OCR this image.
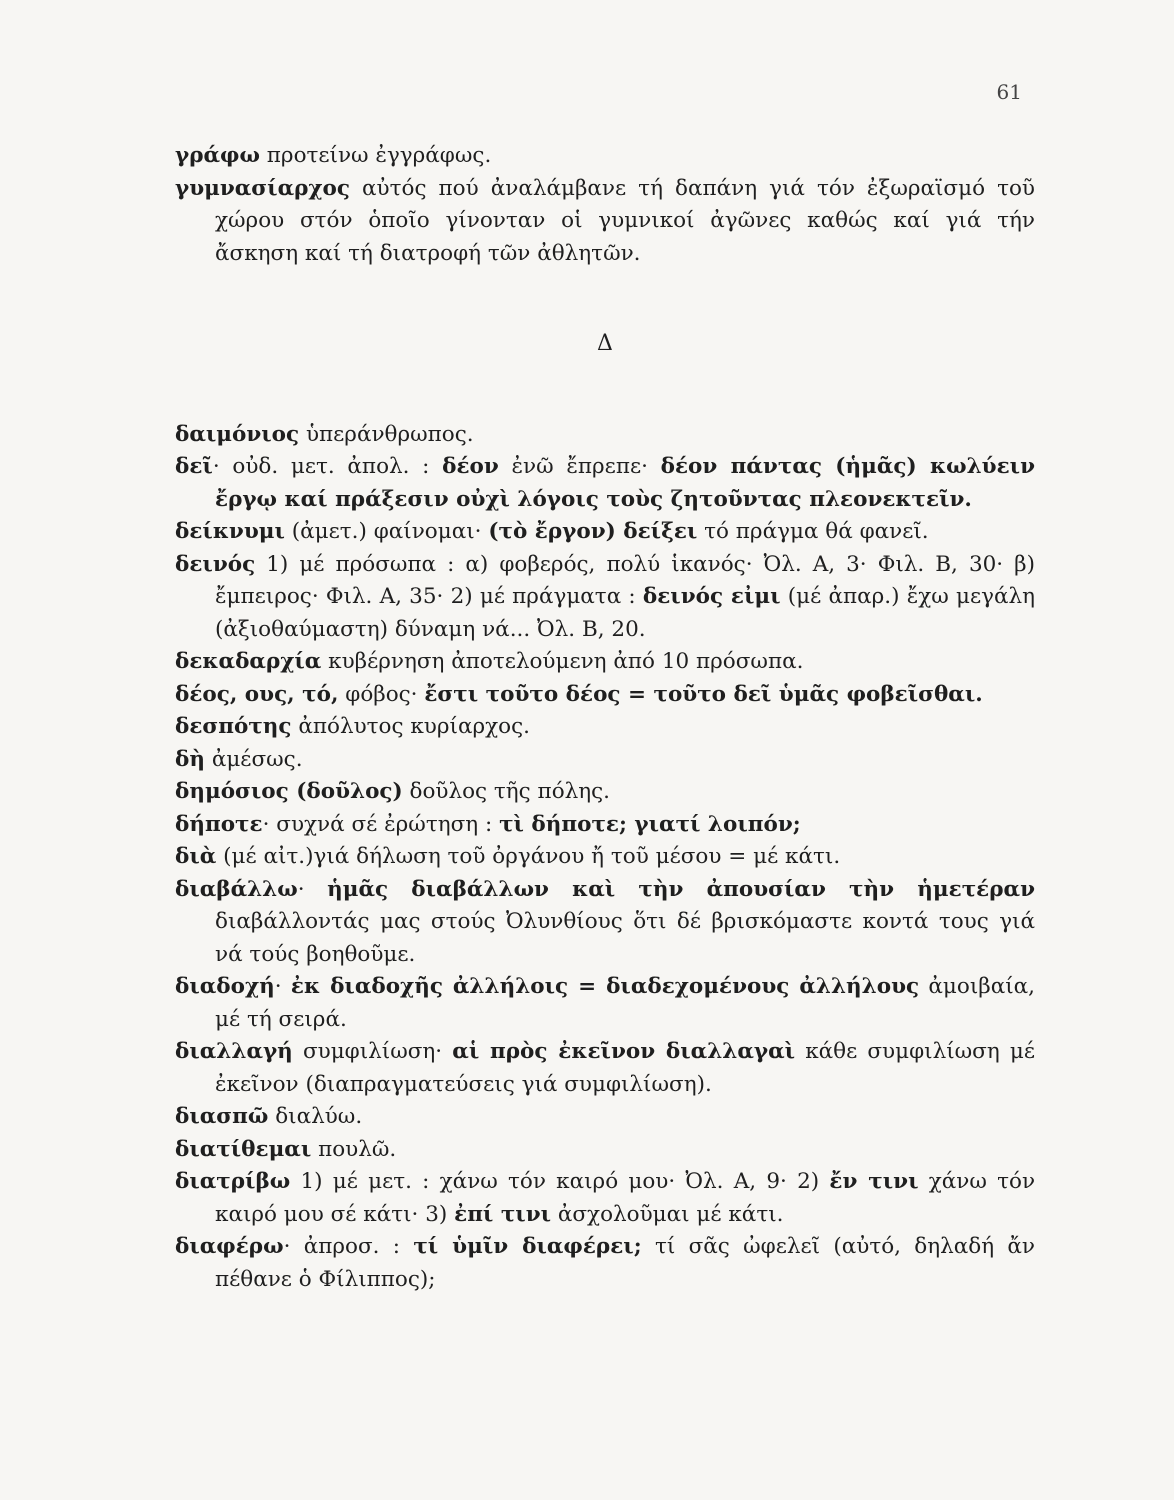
61

γράφω προτείνω ἐγγράφως.

γυμνασίαρχος αὐτός πού ἀναλάμβανε τή δαπάνη γιά τόν ἐξωραϊσμό τοῦ χώρου στόν ὁποῖο γίνονταν οἱ γυμνικοί ἀγῶνες καθώς καί γιά τήν ἄσκηση καί τή διατροφή τῶν ἀθλητῶν.

Δ

δαιμόνιος ὑπεράνθρωπος.

δεῖ· οὐδ. μετ. ἀπολ. : δέον ἐνῶ ἔπρεπε· δέον πάντας (ἡμᾶς) κωλύειν ἔργῳ καί πράξεσιν οὐχὶ λόγοις τοὺς ζητοῦντας πλεονεκτεῖν.

δείκνυμι (ἀμετ.) φαίνομαι· (τὸ ἔργον) δείξει τό πράγμα θά φανεῖ.

δεινός 1) μέ πρόσωπα : α) φοβερός, πολύ ἱκανός· Ὀλ. Α, 3· Φιλ. Β, 30· β) ἔμπειρος· Φιλ. Α, 35· 2) μέ πράγματα : δεινός εἰμι (μέ ἀπαρ.) ἔχω μεγάλη (ἀξιοθαύμαστη) δύναμη νά... Ὀλ. Β, 20.

δεκαδαρχία κυβέρνηση ἀποτελούμενη ἀπό 10 πρόσωπα.

δέος, ους, τό, φόβος· ἔστι τοῦτο δέος = τοῦτο δεῖ ὑμᾶς φοβεῖσθαι.

δεσπότης ἀπόλυτος κυρίαρχος.

δὴ ἀμέσως.

δημόσιος (δοῦλος) δοῦλος τῆς πόλης.

δήποτε· συχνά σέ ἐρώτηση : τὶ δήποτε; γιατί λοιπόν;

διὰ (μέ αἰτ.)γιά δήλωση τοῦ ὀργάνου ἤ τοῦ μέσου = μέ κάτι.

διαβάλλω· ἡμᾶς διαβάλλων καὶ τὴν ἀπουσίαν τὴν ἡμετέραν διαβάλλοντάς μας στούς Ὀλυνθίους ὅτι δέ βρισκόμαστε κοντά τους γιά νά τούς βοηθοῦμε.

διαδοχή· ἐκ διαδοχῆς ἀλλήλοις = διαδεχομένους ἀλλήλους ἀμοιβαία, μέ τή σειρά.

διαλλαγή συμφιλίωση· αἱ πρὸς ἐκεῖνον διαλλαγαὶ κάθε συμφιλίωση μέ ἐκεῖνον (διαπραγματεύσεις γιά συμφιλίωση).

διασπῶ διαλύω.

διατίθεμαι πουλῶ.

διατρίβω 1) μέ μετ. : χάνω τόν καιρό μου· Ὀλ. Α, 9· 2) ἔν τινι χάνω τόν καιρό μου σέ κάτι· 3) ἐπί τινι ἀσχολοῦμαι μέ κάτι.

διαφέρω· ἀπροσ. : τί ὑμῖν διαφέρει; τί σᾶς ὠφελεῖ (αὐτό, δηλαδή ἄν πέθανε ὁ Φίλιππος);
